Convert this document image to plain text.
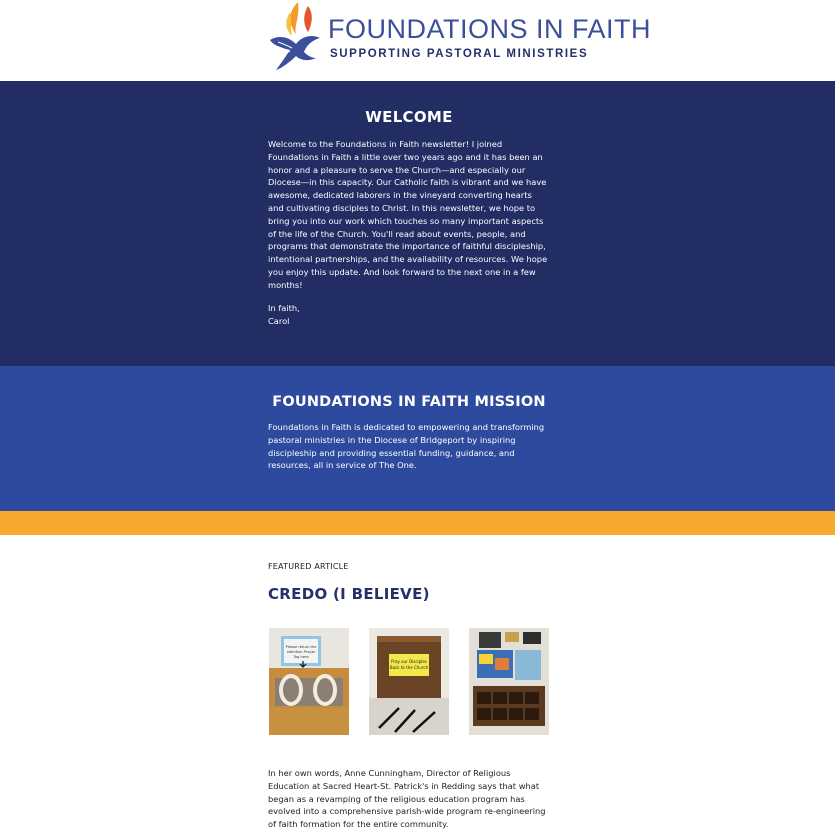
FOUNDATIONS IN FAITH
SUPPORTING PASTORAL MINISTRIES
WELCOME

Welcome to the Foundations in Faith newsletter! I joined Foundations in Faith a little over two years ago and it has been an honor and a pleasure to serve the Church—and especially our Diocese—in this capacity. Our Catholic faith is vibrant and we have awesome, dedicated laborers in the vineyard converting hearts and cultivating disciples to Christ. In this newsletter, we hope to bring you into our work which touches so many important aspects of the life of the Church. You'll read about events, people, and programs that demonstrate the importance of faithful discipleship, intentional partnerships, and the availability of resources. We hope you enjoy this update. And look forward to the next one in a few months!

In faith,
Carol

FOUNDATIONS IN FAITH MISSION

Foundations in Faith is dedicated to empowering and transforming pastoral ministries in the Diocese of Bridgeport by inspiring discipleship and providing essential funding, guidance, and resources, all in service of The One.

FEATURED ARTICLE
CREDO (I BELIEVE)
Please return the
Intention Prayer
Tag here
Pray our Disciples
Back to the Church

In her own words, Anne Cunningham, Director of Religious Education at Sacred Heart-St. Patrick's in Redding says that what began as a revamping of the religious education program has evolved into a comprehensive parish-wide program re-engineering of faith formation for the entire community.
